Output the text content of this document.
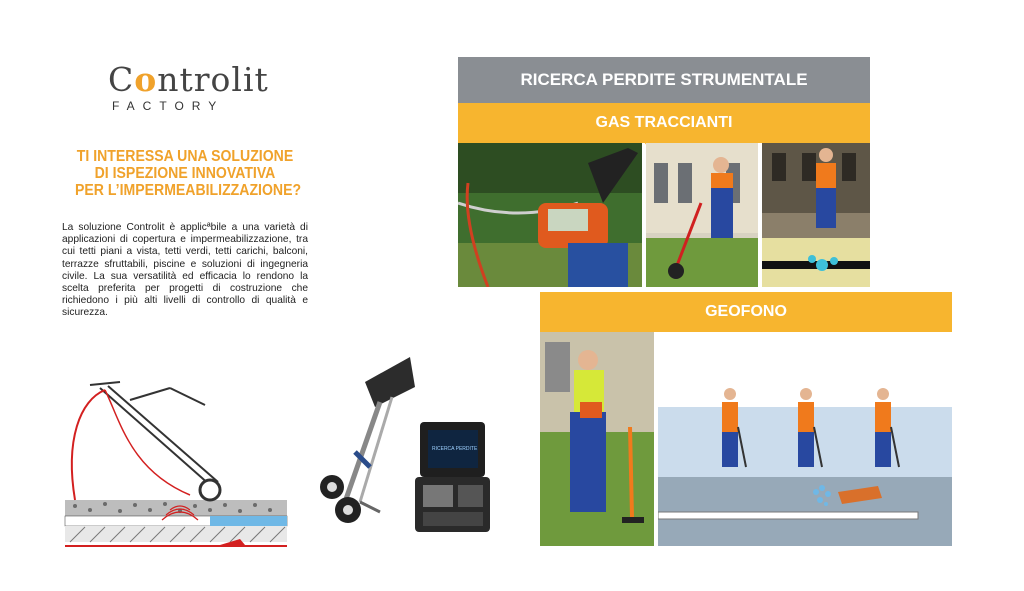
Controlit
FACTORY
TI INTERESSA UNA SOLUZIONE
DI ISPEZIONE INNOVATIVA
PER L’IMPERMEABILIZZAZIONE?
La soluzione Controlit è applicªbile a una varietà di applicazioni di copertura e impermeabilizzazione, tra cui tetti piani a vista, tetti verdi, tetti carichi, balconi, terrazze sfruttabili, piscine e soluzioni di ingegneria civile. La sua versatilità ed efficacia lo rendono la scelta preferita per progetti di costruzione che richiedono i più alti livelli di controllo di qualità e sicurezza.
RICERCA PERDITE
RICERCA PERDITE STRUMENTALE
GAS TRACCIANTI
GEOFONO
